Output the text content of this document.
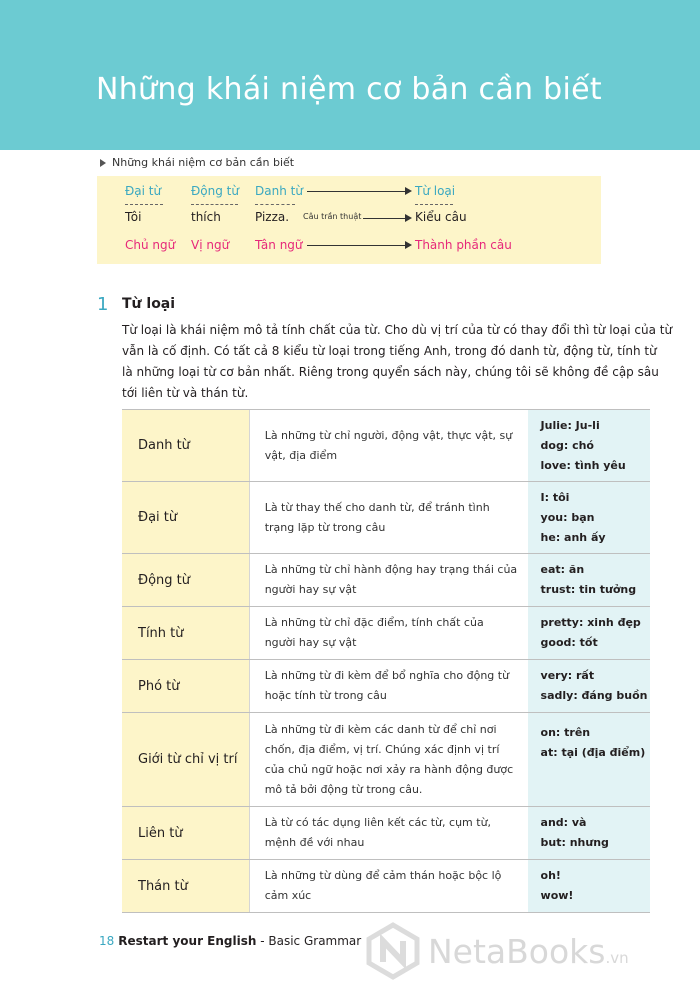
Những khái niệm cơ bản cần biết
Những khái niệm cơ bản cần biết
Đại từ Động từ Danh từ	Từ loại
Tôi	thích	Pizza. Câu trần thuật	Kiểu câu
Chủ ngữ Vị ngữ Tân ngữ	Thành phần câu
1 Từ loại
Từ loại là khái niệm mô tả tính chất của từ. Cho dù vị trí của từ có thay đổi thì từ loại của từ
vẫn là cố định. Có tất cả 8 kiểu từ loại trong tiếng Anh, trong đó danh từ, động từ, tính từ
là những loại từ cơ bản nhất. Riêng trong quyển sách này, chúng tôi sẽ không đề cập sâu
tới liên từ và thán từ.
Danh từ	Là những từ chỉ người, động vật, thực vật, sự vật, địa điểm	Julie: Ju-li
dog: chó
love: tình yêu

Đại từ	Là từ thay thế cho danh từ, để tránh tình trạng lặp từ trong câu	I: tôi
you: bạn
he: anh ấy

Động từ	Là những từ chỉ hành động hay trạng thái của người hay sự vật	eat: ăn
trust: tin tưởng

Tính từ	Là những từ chỉ đặc điểm, tính chất của người hay sự vật	pretty: xinh đẹp
good: tốt

Phó từ	Là những từ đi kèm để bổ nghĩa cho động từ hoặc tính từ trong câu	very: rất
sadly: đáng buồn

Giới từ chỉ vị trí	Là những từ đi kèm các danh từ để chỉ nơi chốn, địa điểm, vị trí. Chúng xác định vị trí của chủ ngữ hoặc nơi xảy ra hành động được mô tả bởi động từ trong câu.	on: trên
at: tại (địa điểm)

Liên từ	Là từ có tác dụng liên kết các từ, cụm từ, mệnh đề với nhau	and: và
but: nhưng

Thán từ	Là những từ dùng để cảm thán hoặc bộc lộ cảm xúc	oh!
wow!
18 Restart your English - Basic Grammar NetaBooks.vn
